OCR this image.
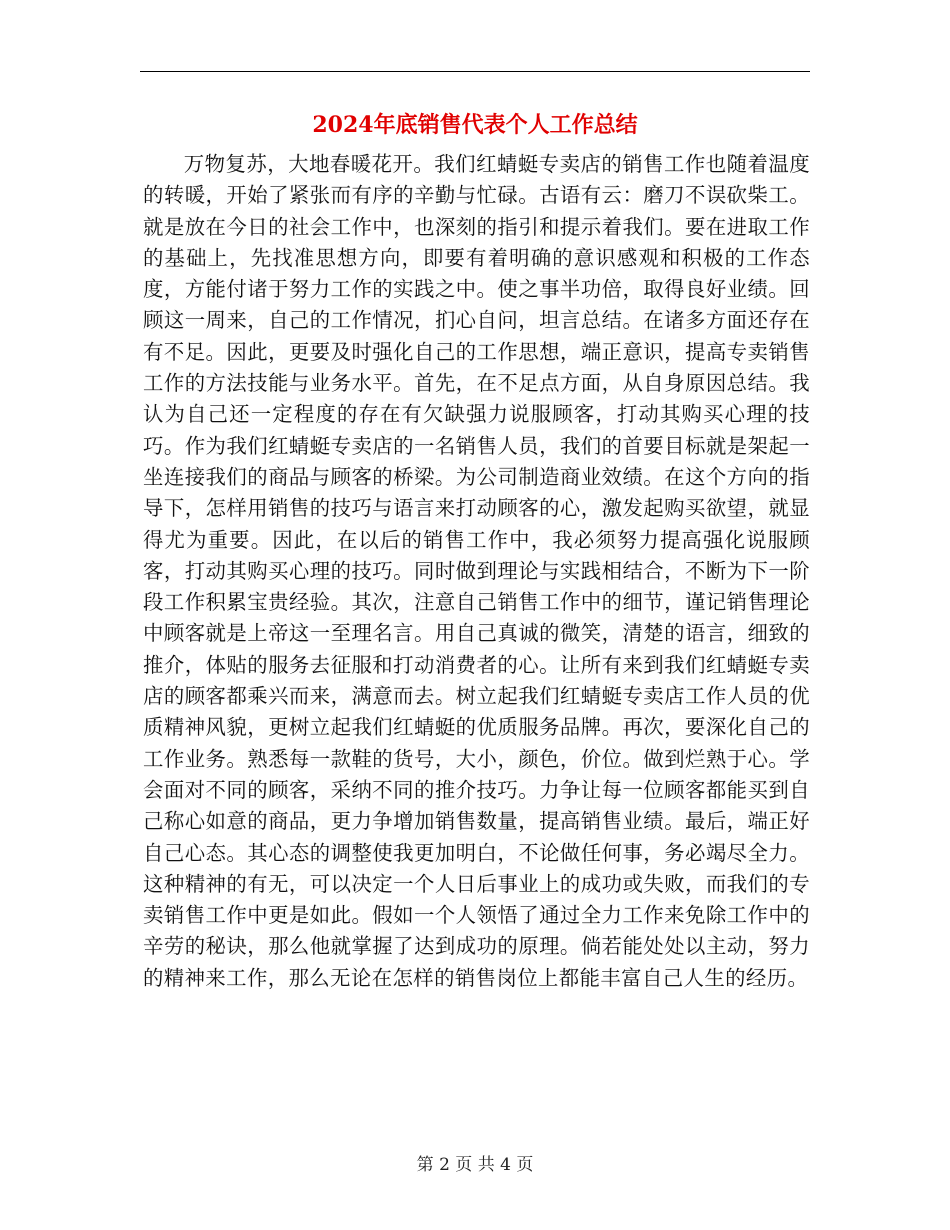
2024年底销售代表个人工作总结

万物复苏，大地春暖花开。我们红蜻蜓专卖店的销售工作也随着温度的转暖，开始了紧张而有序的辛勤与忙碌。古语有云：磨刀不误砍柴工。就是放在今日的社会工作中，也深刻的指引和提示着我们。要在进取工作的基础上，先找准思想方向，即要有着明确的意识感观和积极的工作态度，方能付诸于努力工作的实践之中。使之事半功倍，取得良好业绩。回顾这一周来，自己的工作情况，扪心自问，坦言总结。在诸多方面还存在有不足。因此，更要及时强化自己的工作思想，端正意识，提高专卖销售工作的方法技能与业务水平。首先，在不足点方面，从自身原因总结。我认为自己还一定程度的存在有欠缺强力说服顾客，打动其购买心理的技巧。作为我们红蜻蜓专卖店的一名销售人员，我们的首要目标就是架起一坐连接我们的商品与顾客的桥梁。为公司制造商业效绩。在这个方向的指导下，怎样用销售的技巧与语言来打动顾客的心，激发起购买欲望，就显得尤为重要。因此，在以后的销售工作中，我必须努力提高强化说服顾客，打动其购买心理的技巧。同时做到理论与实践相结合，不断为下一阶段工作积累宝贵经验。其次，注意自己销售工作中的细节，谨记销售理论中顾客就是上帝这一至理名言。用自己真诚的微笑，清楚的语言，细致的推介，体贴的服务去征服和打动消费者的心。让所有来到我们红蜻蜓专卖店的顾客都乘兴而来，满意而去。树立起我们红蜻蜓专卖店工作人员的优质精神风貌，更树立起我们红蜻蜓的优质服务品牌。再次，要深化自己的工作业务。熟悉每一款鞋的货号，大小，颜色，价位。做到烂熟于心。学会面对不同的顾客，采纳不同的推介技巧。力争让每一位顾客都能买到自己称心如意的商品，更力争增加销售数量，提高销售业绩。最后，端正好自己心态。其心态的调整使我更加明白，不论做任何事，务必竭尽全力。这种精神的有无，可以决定一个人日后事业上的成功或失败，而我们的专卖销售工作中更是如此。假如一个人领悟了通过全力工作来免除工作中的辛劳的秘诀，那么他就掌握了达到成功的原理。倘若能处处以主动，努力的精神来工作，那么无论在怎样的销售岗位上都能丰富自己人生的经历。

第 2 页 共 4 页
